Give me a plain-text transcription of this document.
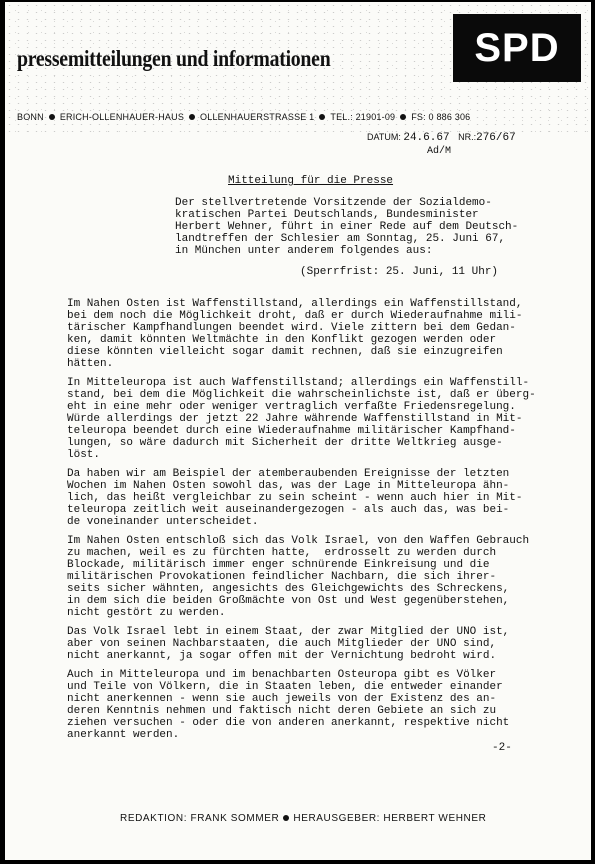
pressemitteilungen und informationen	SPD
BONN ERICH-OLLENHAUER-HAUS OLLENHAUERSTRASSE 1 TEL.: 21901-09 FS: 0 886 306
DATUM: 24.6.67 NR.:276/67
Ad/M
Mitteilung für die Presse
Der stellvertretende Vorsitzende der Sozialdemo-
kratischen Partei Deutschlands, Bundesminister
Herbert Wehner, führt in einer Rede auf dem Deutsch-
landtreffen der Schlesier am Sonntag, 25. Juni 67,
in München unter anderem folgendes aus:
(Sperrfrist: 25. Juni, 11 Uhr)

Im Nahen Osten ist Waffenstillstand, allerdings ein Waffenstillstand,
bei dem noch die Möglichkeit droht, daß er durch Wiederaufnahme mili-
tärischer Kampfhandlungen beendet wird. Viele zittern bei dem Gedan-
ken, damit könnten Weltmächte in den Konflikt gezogen werden oder
diese könnten vielleicht sogar damit rechnen, daß sie einzugreifen
hätten.

In Mitteleuropa ist auch Waffenstillstand; allerdings ein Waffenstill-
stand, bei dem die Möglichkeit die wahrscheinlichste ist, daß er überg-
eht in eine mehr oder weniger vertraglich verfaßte Friedensregelung.
Würde allerdings der jetzt 22 Jahre währende Waffenstillstand in Mit-
teleuropa beendet durch eine Wiederaufnahme militärischer Kampfhand-
lungen, so wäre dadurch mit Sicherheit der dritte Weltkrieg ausge-
löst.

Da haben wir am Beispiel der atemberaubenden Ereignisse der letzten
Wochen im Nahen Osten sowohl das, was der Lage in Mitteleuropa ähn-
lich, das heißt vergleichbar zu sein scheint - wenn auch hier in Mit-
teleuropa zeitlich weit auseinandergezogen - als auch das, was bei-
de voneinander unterscheidet.

Im Nahen Osten entschloß sich das Volk Israel, von den Waffen Gebrauch
zu machen, weil es zu fürchten hatte,  erdrosselt zu werden durch
Blockade, militärisch immer enger schnürende Einkreisung und die
militärischen Provokationen feindlicher Nachbarn, die sich ihrer-
seits sicher wähnten, angesichts des Gleichgewichts des Schreckens,
in dem sich die beiden Großmächte von Ost und West gegenüberstehen,
nicht gestört zu werden.

Das Volk Israel lebt in einem Staat, der zwar Mitglied der UNO ist,
aber von seinen Nachbarstaaten, die auch Mitglieder der UNO sind,
nicht anerkannt, ja sogar offen mit der Vernichtung bedroht wird.

Auch in Mitteleuropa und im benachbarten Osteuropa gibt es Völker
und Teile von Völkern, die in Staaten leben, die entweder einander
nicht anerkennen - wenn sie auch jeweils von der Existenz des an-
deren Kenntnis nehmen und faktisch nicht deren Gebiete an sich zu
ziehen versuchen - oder die von anderen anerkannt, respektive nicht
anerkannt werden.

-2-
REDAKTION: FRANK SOMMER HERAUSGEBER: HERBERT WEHNER
